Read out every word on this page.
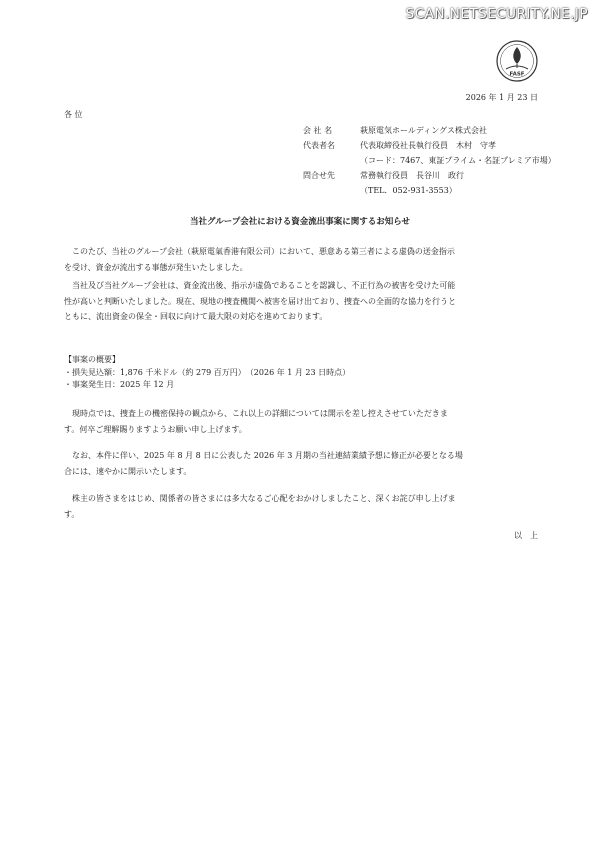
SCAN.NETSECURITY.NE.JP
FASF
2026 年 1 月 23 日
各 位
会 社 名	萩原電気ホールディングス株式会社
代表者名	代表取締役社長執行役員　木村　守孝
（コード：7467、東証プライム・名証プレミア市場）
問合せ先	常務執行役員　長谷川　政行
（TEL．052-931-3553）
当社グループ会社における資金流出事案に関するお知らせ
このたび、当社のグループ会社（萩原電氣香港有限公司）において、悪意ある第三者による虚偽の送金指示
を受け、資金が流出する事態が発生いたしました。
当社及び当社グループ会社は、資金流出後、指示が虚偽であることを認識し、不正行為の被害を受けた可能
性が高いと判断いたしました。現在、現地の捜査機関へ被害を届け出ており、捜査への全面的な協力を行うと
ともに、流出資金の保全・回収に向けて最大限の対応を進めております。
【事案の概要】
・損失見込額：1,876 千米ドル（約 279 百万円）　（2026 年 1 月 23 日時点）
・事案発生日：2025 年 12 月
現時点では、捜査上の機密保持の観点から、これ以上の詳細については開示を差し控えさせていただきま
す。何卒ご理解賜りますようお願い申し上げます。
なお、本件に伴い、2025 年 8 月 8 日に公表した 2026 年 3 月期の当社連結業績予想に修正が必要となる場
合には、速やかに開示いたします。
株主の皆さまをはじめ、関係者の皆さまには多大なるご心配をおかけしましたこと、深くお詫び申し上げま
す。
以　上
